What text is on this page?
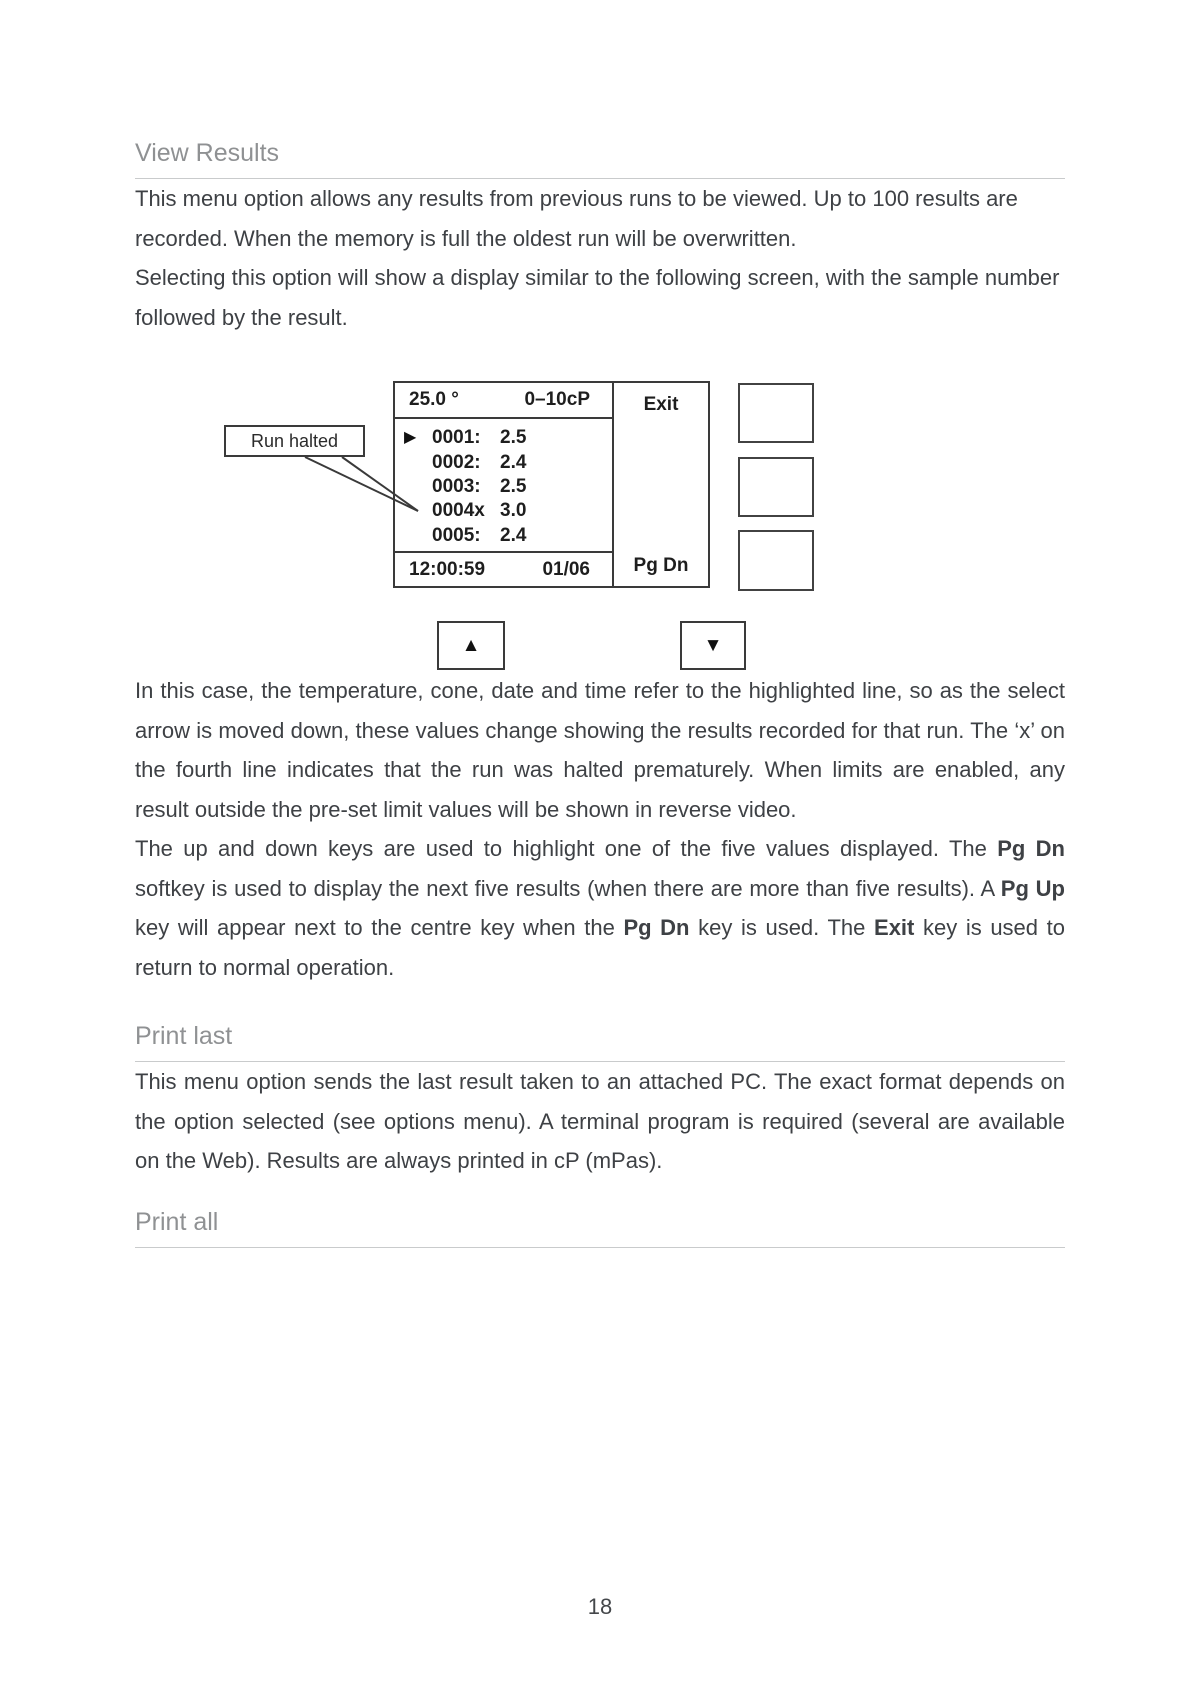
View Results

This menu option allows any results from previous runs to be viewed. Up to 100 results are recorded. When the memory is full the oldest run will be overwritten.

Selecting this option will show a display similar to the following screen, with the sample number followed by the result.

Run halted
25.0 °	0–10cP
▶ 0001:	2.5
0002:	2.4
0003:	2.5
0004x 3.0
0005:	2.4
12:00:59	01/06
Exit
Pg Dn
▲	▼

In this case, the temperature, cone, date and time refer to the highlighted line, so as the select arrow is moved down, these values change showing the results recorded for that run. The ‘x’ on the fourth line indicates that the run was halted prematurely. When limits are enabled, any result outside the pre-set limit values will be shown in reverse video.

The up and down keys are used to highlight one of the five values displayed. The Pg Dn softkey is used to display the next five results (when there are more than five results). A Pg Up key will appear next to the centre key when the Pg Dn key is used. The Exit key is used to return to normal operation.

Print last

This menu option sends the last result taken to an attached PC. The exact format depends on the option selected (see options menu). A terminal program is required (several are available on the Web). Results are always printed in cP (mPas).

Print all
18
